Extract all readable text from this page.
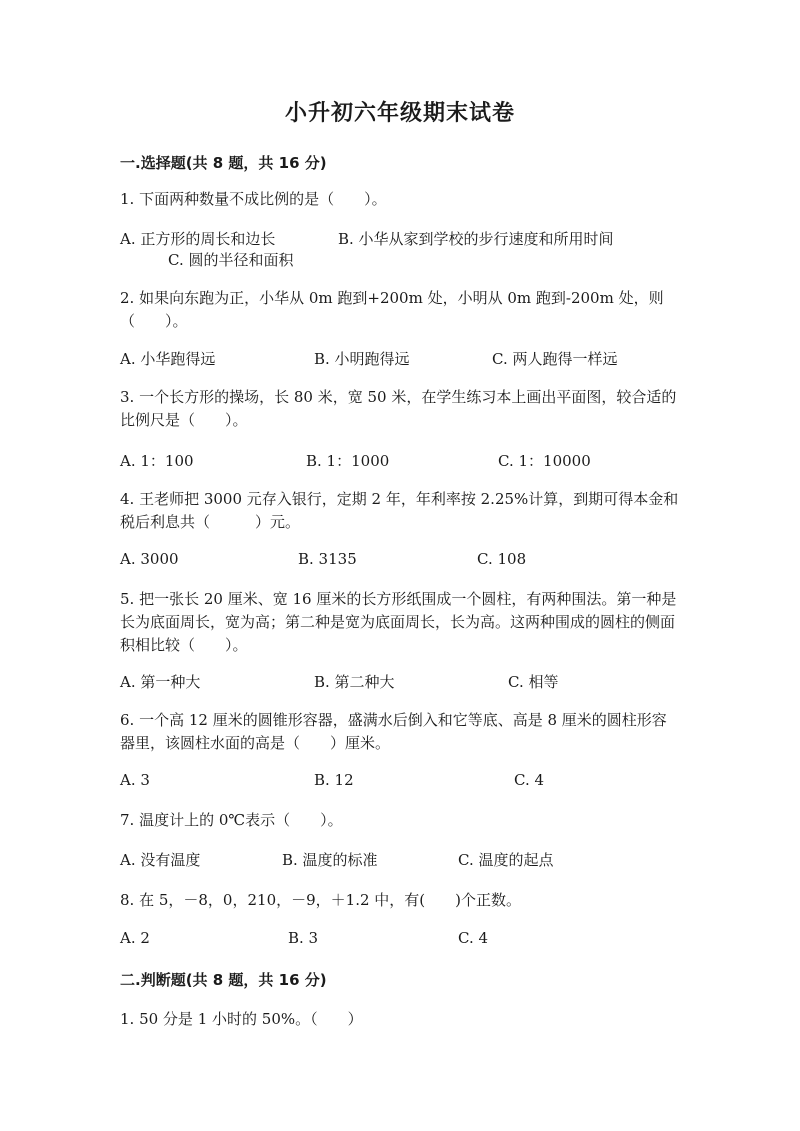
小升初六年级期末试卷
一.选择题(共 8 题，共 16 分)
1. 下面两种数量不成比例的是（　　）。
A. 正方形的周长和边长	B. 小华从家到学校的步行速度和所用时间
C. 圆的半径和面积
2. 如果向东跑为正，小华从 0m 跑到+200m 处，小明从 0m 跑到-200m 处，则（　　）。
A. 小华跑得远	B. 小明跑得远	C. 两人跑得一样远
3. 一个长方形的操场，长 80 米，宽 50 米，在学生练习本上画出平面图，较合适的比例尺是（　　）。
A. 1：100	B. 1：1000	C. 1：10000
4. 王老师把 3000 元存入银行，定期 2 年，年利率按 2.25%计算，到期可得本金和税后利息共（　　　）元。
A. 3000	B. 3135	C. 108
5. 把一张长 20 厘米、宽 16 厘米的长方形纸围成一个圆柱，有两种围法。第一种是长为底面周长，宽为高；第二种是宽为底面周长，长为高。这两种围成的圆柱的侧面积相比较（　　）。
A. 第一种大	B. 第二种大	C. 相等
6. 一个高 12 厘米的圆锥形容器，盛满水后倒入和它等底、高是 8 厘米的圆柱形容器里，该圆柱水面的高是（　　）厘米。
A. 3	B. 12	C. 4
7. 温度计上的 0℃表示（　　）。
A. 没有温度	B. 温度的标准	C. 温度的起点
8. 在 5，－8，0，210，－9，＋1.2 中，有(　　)个正数。
A. 2	B. 3	C. 4
二.判断题(共 8 题，共 16 分)
1. 50 分是 1 小时的 50%。（　　）
